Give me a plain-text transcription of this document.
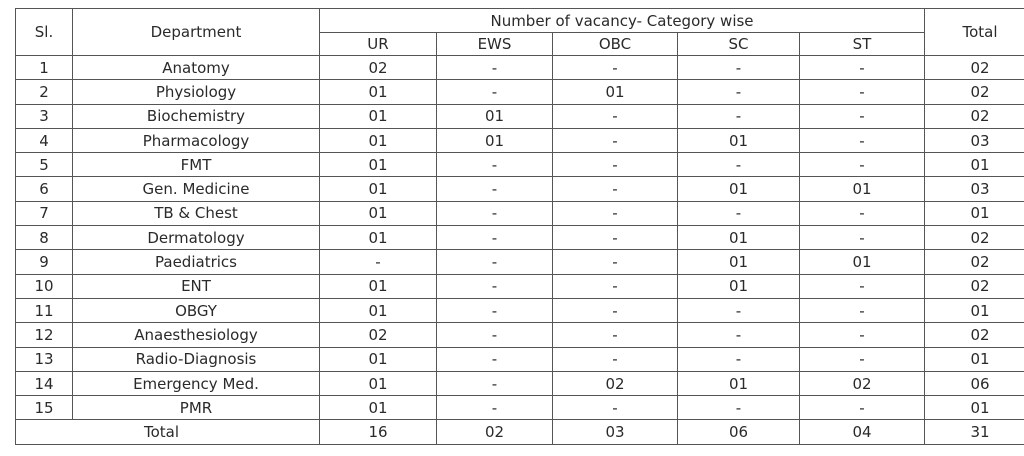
Sl.	Department	Number of vacancy- Category wise					Total
		UR	EWS	OBC	SC	ST	
1	Anatomy	02	-	-	-	-	02
2	Physiology	01	-	01	-	-	02
3	Biochemistry	01	01	-	-	-	02
4	Pharmacology	01	01	-	01	-	03
5	FMT	01	-	-	-	-	01
6	Gen. Medicine	01	-	-	01	01	03
7	TB & Chest	01	-	-	-	-	01
8	Dermatology	01	-	-	01	-	02
9	Paediatrics	-	-	-	01	01	02
10	ENT	01	-	-	01	-	02
11	OBGY	01	-	-	-	-	01
12	Anaesthesiology	02	-	-	-	-	02
13	Radio-Diagnosis	01	-	-	-	-	01
14	Emergency Med.	01	-	02	01	02	06
15	PMR	01	-	-	-	-	01
Total		16	02	03	06	04	31
